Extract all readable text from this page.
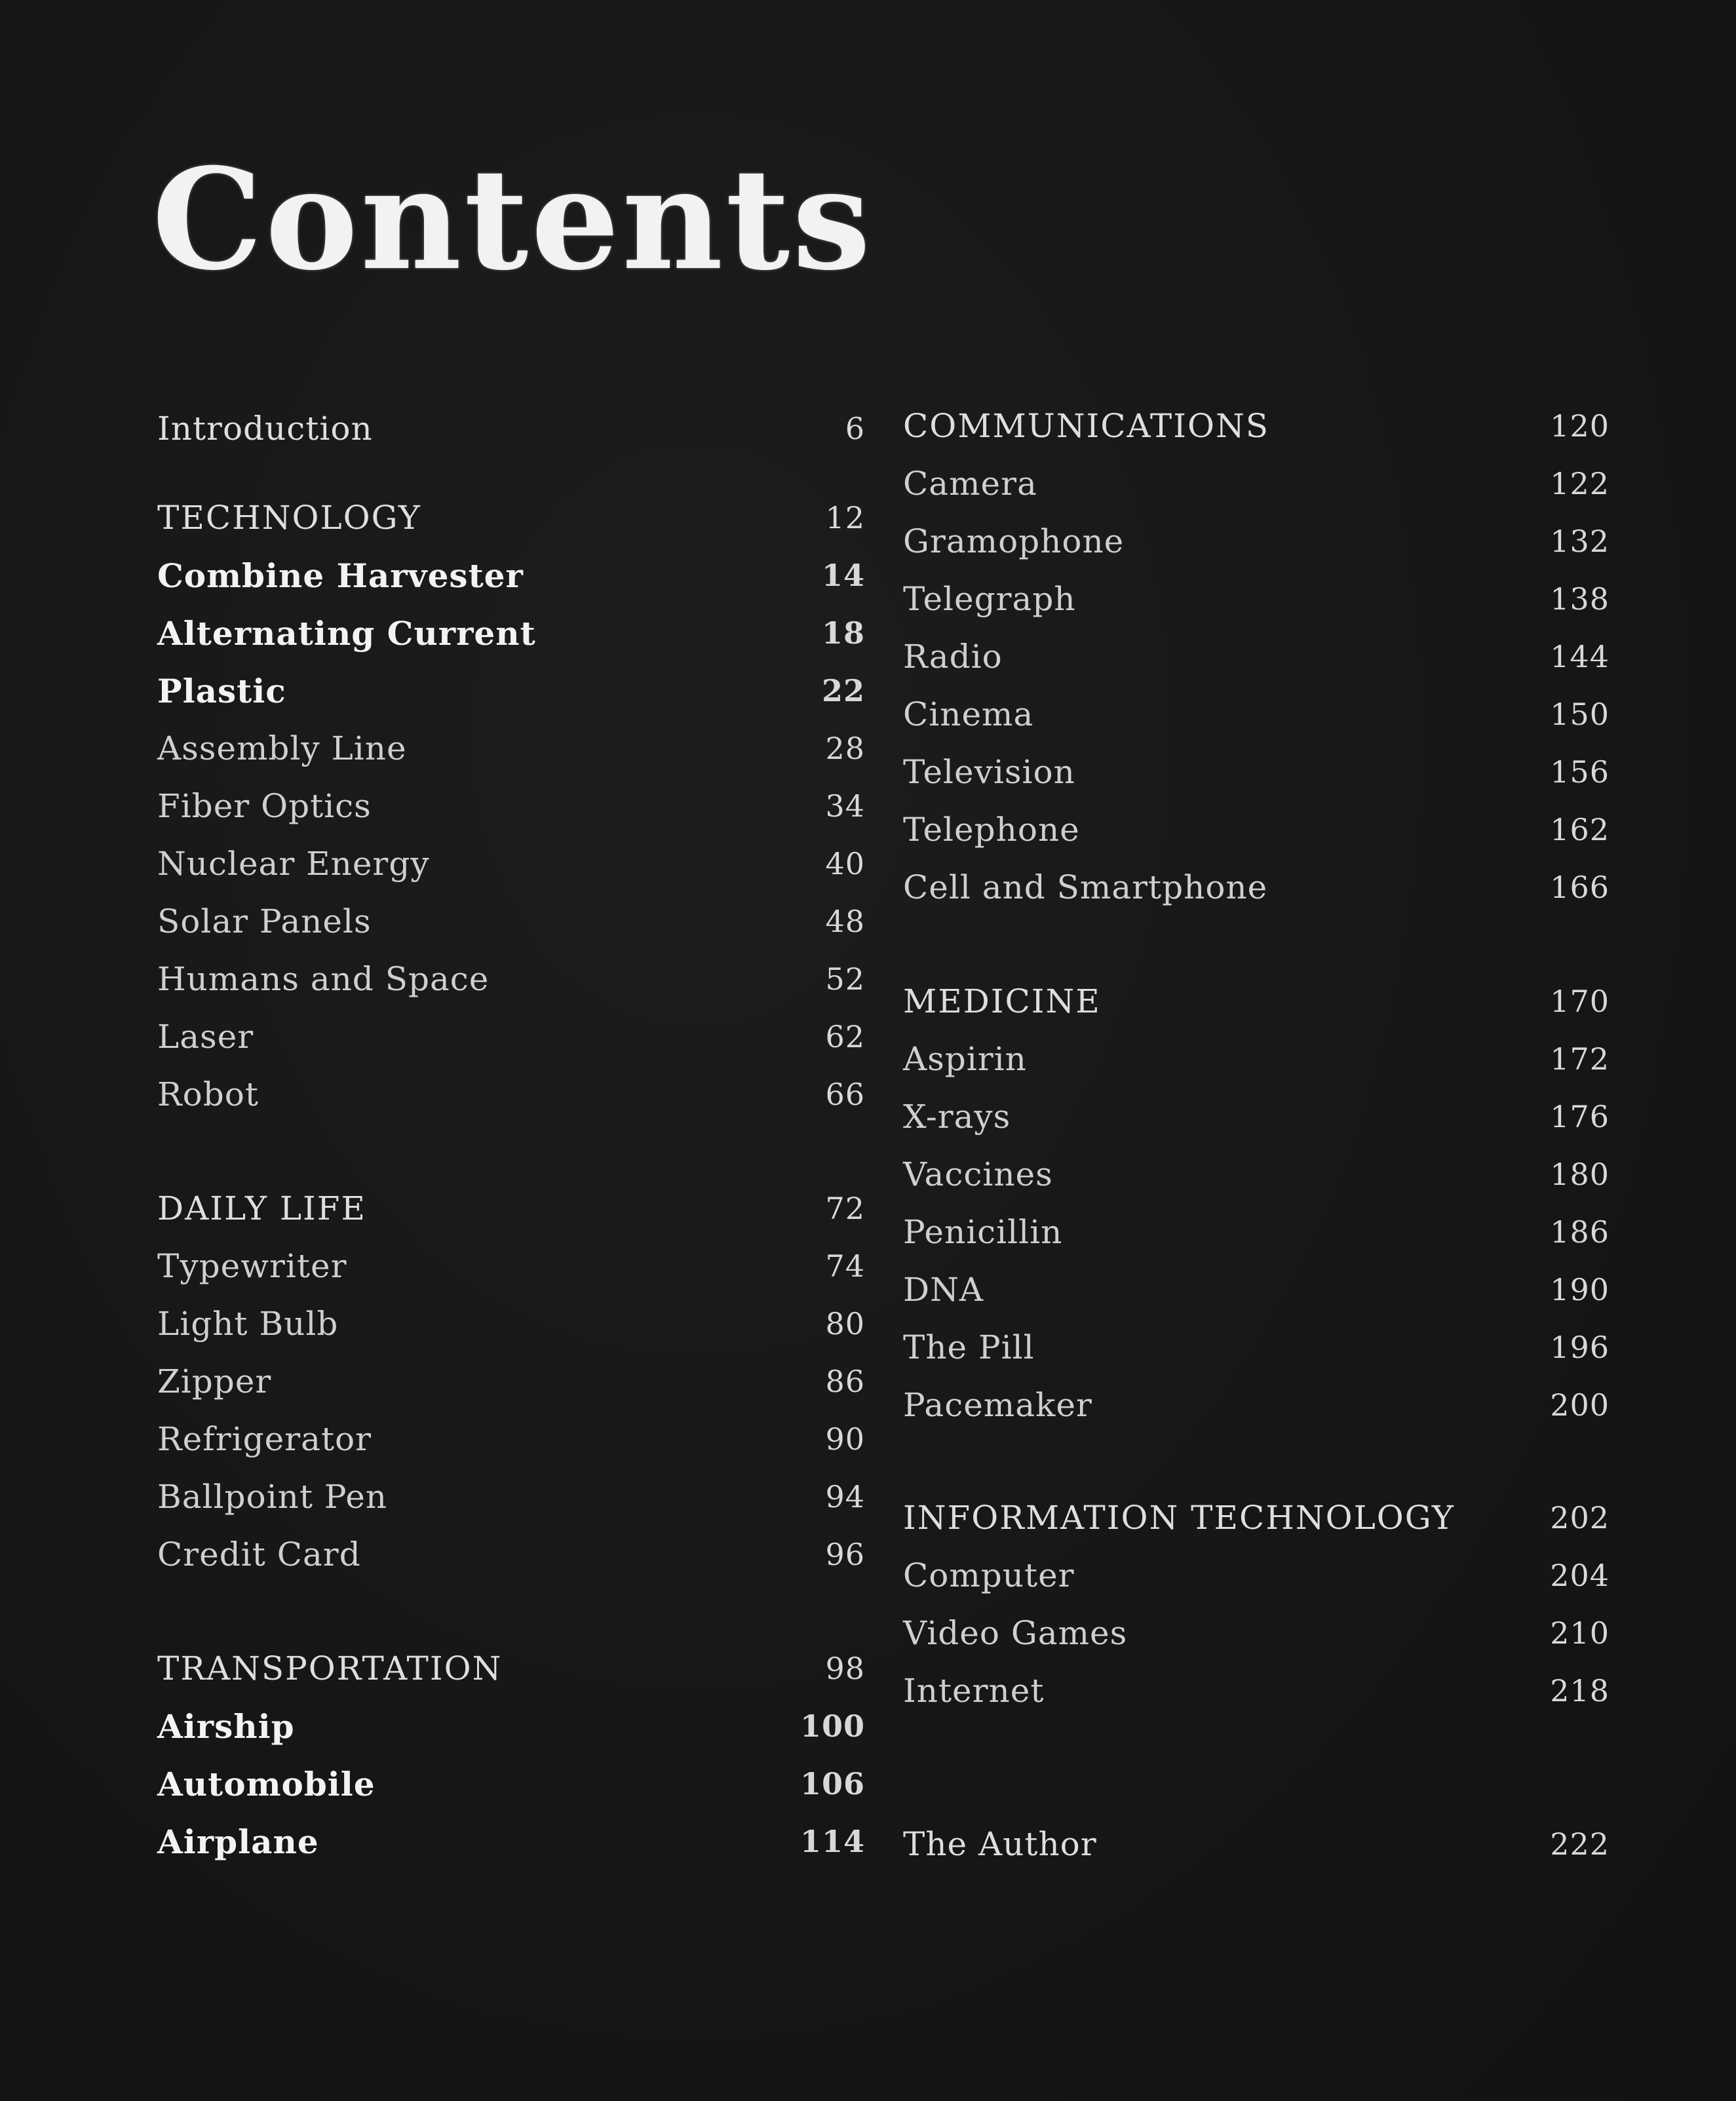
Contents
Introduction	6
TECHNOLOGY	12
Combine Harvester	14
Alternating Current	18
Plastic	22
Assembly Line	28
Fiber Optics	34
Nuclear Energy	40
Solar Panels	48
Humans and Space	52
Laser	62
Robot	66
DAILY LIFE	72
Typewriter	74
Light Bulb	80
Zipper	86
Refrigerator	90
Ballpoint Pen	94
Credit Card	96
TRANSPORTATION	98
Airship	100
Automobile	106
Airplane	114
COMMUNICATIONS	120
Camera	122
Gramophone	132
Telegraph	138
Radio	144
Cinema	150
Television	156
Telephone	162
Cell and Smartphone	166
MEDICINE	170
Aspirin	172
X-rays	176
Vaccines	180
Penicillin	186
DNA	190
The Pill	196
Pacemaker	200
INFORMATION TECHNOLOGY	202
Computer	204
Video Games	210
Internet	218
The Author	222
